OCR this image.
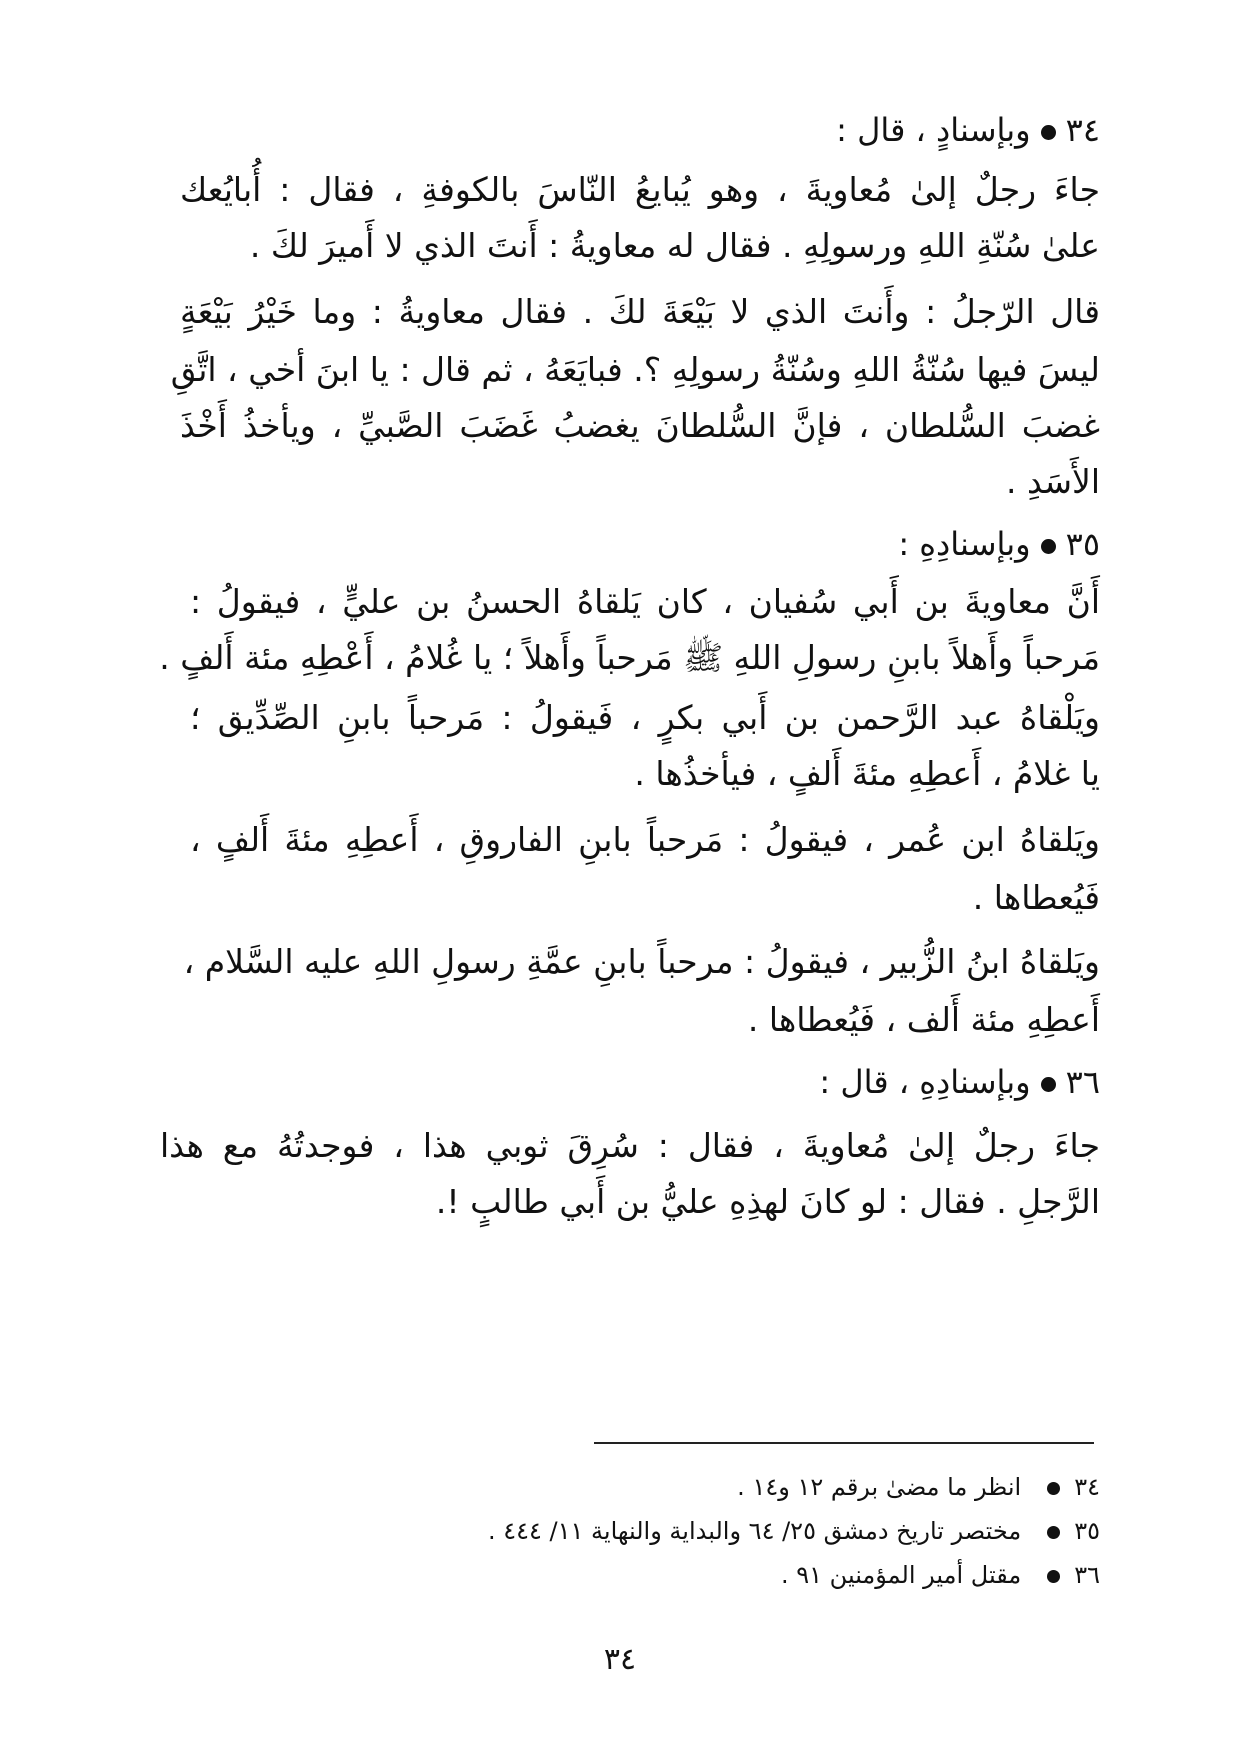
٣٤وبإسنادٍ ، قال :
جاءَ رجلٌ إلىٰ مُعاويةَ ، وهو يُبايعُ النّاسَ بالكوفةِ ، فقال : أُبايُعك
علىٰ سُنّةِ اللهِ ورسولِهِ . فقال له معاويةُ : أَنتَ الذي لا أَميرَ لكَ .
قال الرّجلُ : وأَنتَ الذي لا بَيْعَةَ لكَ . فقال معاويةُ : وما خَيْرُ بَيْعَةٍ
ليسَ فيها سُنّةُ اللهِ وسُنّةُ رسولِهِ ؟. فبايَعَهُ ، ثم قال : يا ابنَ أخي ، اتَّقِ
غضبَ السُّلطان ، فإنَّ السُّلطانَ يغضبُ غَضَبَ الصَّبيِّ ، ويأخذُ أَخْذَ
الأَسَدِ .
٣٥وبإسنادِهِ :
أَنَّ معاويةَ بن أَبي سُفيان ، كان يَلقاهُ الحسنُ بن عليٍّ ، فيقولُ :
مَرحباً وأَهلاً بابنِ رسولِ اللهِ ﷺ مَرحباً وأَهلاً ؛ يا غُلامُ ، أَعْطِهِ مئة أَلفٍ .
ويَلْقاهُ عبد الرَّحمن بن أَبي بكرٍ ، فَيقولُ : مَرحباً بابنِ الصِّدِّيق ؛
يا غلامُ ، أَعطِهِ مئةَ أَلفٍ ، فيأخذُها .
ويَلقاهُ ابن عُمر ، فيقولُ : مَرحباً بابنِ الفاروقِ ، أَعطِهِ مئةَ أَلفٍ ،
فَيُعطاها .
ويَلقاهُ ابنُ الزُّبير ، فيقولُ : مرحباً بابنِ عمَّةِ رسولِ اللهِ عليه السَّلام ،
أَعطِهِ مئة أَلف ، فَيُعطاها .
٣٦وبإسنادِهِ ، قال :
جاءَ رجلٌ إلىٰ مُعاويةَ ، فقال : سُرِقَ ثوبي هذا ، فوجدتُهُ مع هذا
الرَّجلِ . فقال : لو كانَ لهذِهِ عليُّ بن أَبي طالبٍ !.
٣٤انظر ما مضىٰ برقم ١٢ و١٤ .
٣٥مختصر تاريخ دمشق ٢٥/ ٦٤ والبداية والنهاية ١١/ ٤٤٤ .
٣٦مقتل أمير المؤمنين ٩١ .
٣٤
